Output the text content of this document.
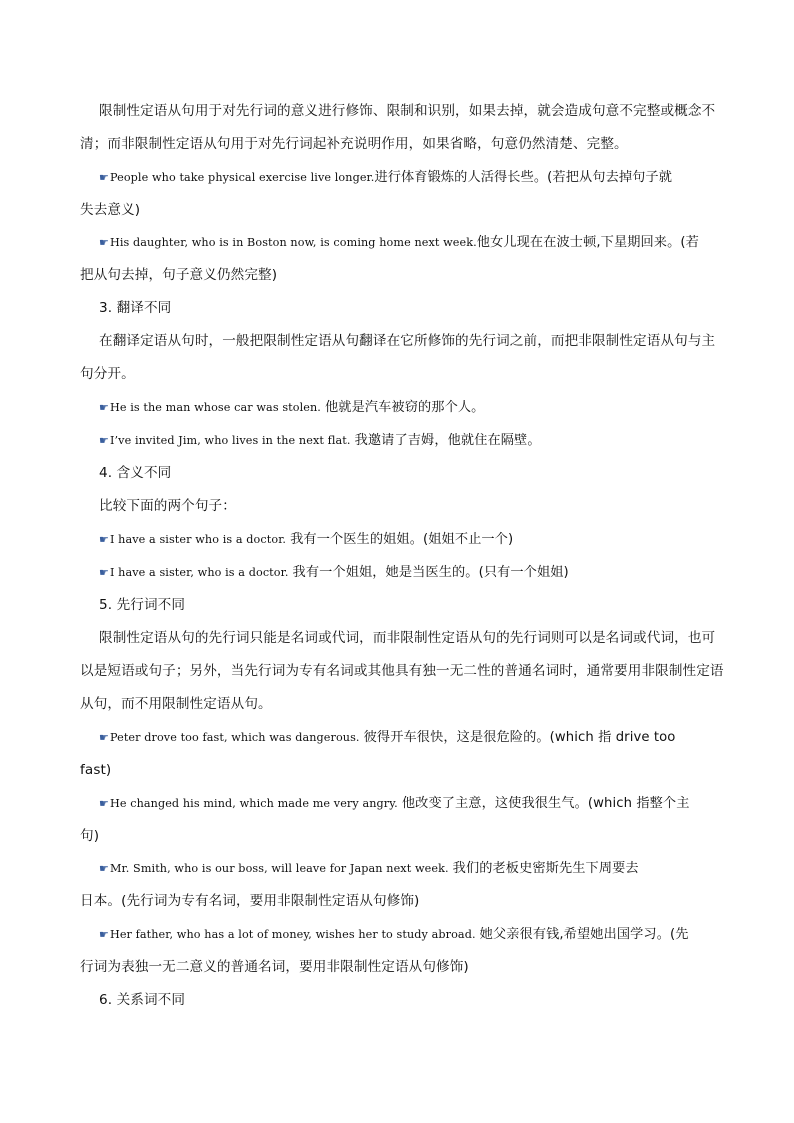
限制性定语从句用于对先行词的意义进行修饰、限制和识别，如果去掉，就会造成句意不完整或概念不
清；而非限制性定语从句用于对先行词起补充说明作用，如果省略，句意仍然清楚、完整。
☛People who take physical exercise live longer.进行体育锻炼的人活得长些。(若把从句去掉句子就
失去意义)
☛His daughter, who is in Boston now, is coming home next week.他女儿现在在波士顿,下星期回来。(若
把从句去掉，句子意义仍然完整)
3. 翻译不同
在翻译定语从句时，一般把限制性定语从句翻译在它所修饰的先行词之前，而把非限制性定语从句与主
句分开。
☛He is the man whose car was stolen. 他就是汽车被窃的那个人。
☛I’ve invited Jim, who lives in the next flat. 我邀请了吉姆，他就住在隔壁。
4. 含义不同
比较下面的两个句子：
☛I have a sister who is a doctor. 我有一个医生的姐姐。(姐姐不止一个)
☛I have a sister, who is a doctor. 我有一个姐姐，她是当医生的。(只有一个姐姐)
5. 先行词不同
限制性定语从句的先行词只能是名词或代词，而非限制性定语从句的先行词则可以是名词或代词，也可
以是短语或句子；另外，当先行词为专有名词或其他具有独一无二性的普通名词时，通常要用非限制性定语
从句，而不用限制性定语从句。
☛Peter drove too fast, which was dangerous. 彼得开车很快，这是很危险的。(which 指 drive too
fast)
☛He changed his mind, which made me very angry. 他改变了主意，这使我很生气。(which 指整个主
句)
☛Mr. Smith, who is our boss, will leave for Japan next week. 我们的老板史密斯先生下周要去
日本。(先行词为专有名词，要用非限制性定语从句修饰)
☛Her father, who has a lot of money, wishes her to study abroad. 她父亲很有钱,希望她出国学习。(先
行词为表独一无二意义的普通名词，要用非限制性定语从句修饰)
6. 关系词不同
